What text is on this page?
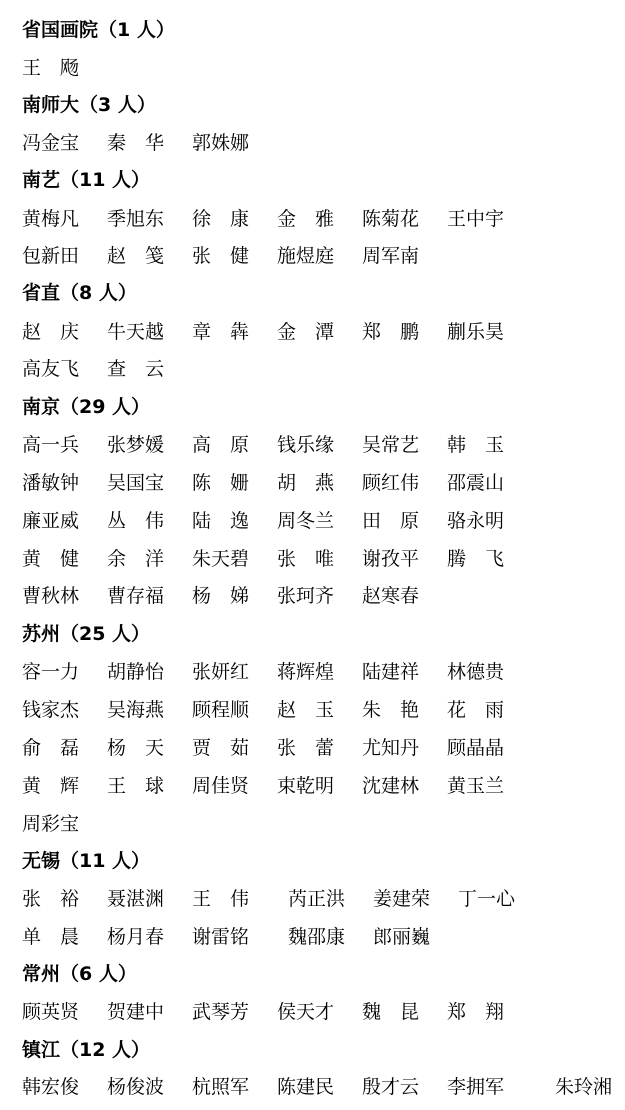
省国画院（1 人）
王　飏
南师大（3 人）
冯金宝 秦　华 郭姝娜
南艺（11 人）
黄梅凡 季旭东 徐　康 金　雅 陈菊花 王中宇
包新田 赵　笺 张　健 施煜庭 周军南
省直（8 人）
赵　庆 牛天越 章　犇 金　潭 郑　鹏 蒯乐昊
高友飞 查　云
南京（29 人）
高一兵 张梦媛 高　原 钱乐缘 吴常艺 韩　玉
潘敏钟 吴国宝 陈　姗 胡　燕 顾红伟 邵震山
廉亚威 丛　伟 陆　逸 周冬兰 田　原 骆永明
黄　健 余　洋 朱天碧 张　唯 谢孜平 腾　飞
曹秋林 曹存福 杨　娣 张珂齐 赵寒春
苏州（25 人）
容一力 胡静怡 张妍红 蒋辉煌 陆建祥 林德贵
钱家杰 吴海燕 顾程顺 赵　玉 朱　艳 花　雨
俞　磊 杨　天 贾　茹 张　蕾 尤知丹 顾晶晶
黄　辉 王　球 周佳贤 束乾明 沈建林 黄玉兰
周彩宝
无锡（11 人）
张　裕 聂湛渊 王　伟 芮正洪 姜建荣 丁一心
单　晨 杨月春 谢雷铭 魏邵康 郎丽巍
常州（6 人）
顾英贤 贺建中 武琴芳 侯天才 魏　昆 郑　翔
镇江（12 人）
韩宏俊 杨俊波 杭照军 陈建民 殷才云 李拥军	朱玲湘
